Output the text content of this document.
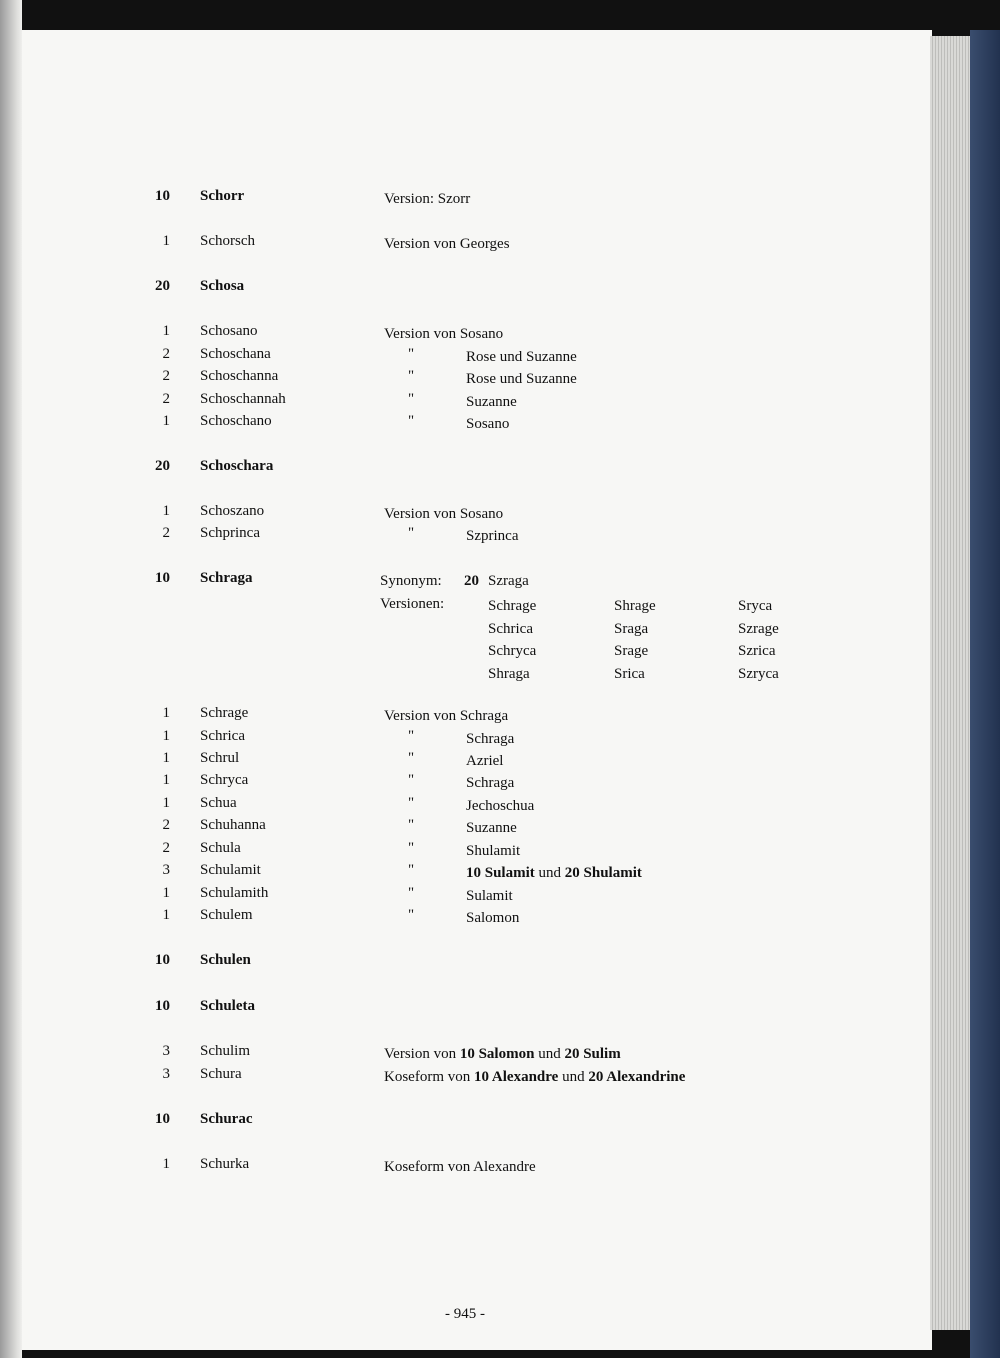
10 Schorr	Version: Szorr
1 Schorsch	Version von Georges
20 Schosa
1 Schosano	Version von Sosano
2 Schoschana	"	Rose und Suzanne
2 Schoschanna	"	Rose und Suzanne
2 Schoschannah	"	Suzanne
1 Schoschano	"	Sosano
20 Schoschara
1 Schoszano	Version von Sosano
2 Schprinca	"	Szprinca
10 Schraga
1 Schrage	Version von Schraga
1 Schrica	"	Schraga
1 Schrul	"	Azriel
1 Schryca	"	Schraga
1 Schua	"	Jechoschua
2 Schuhanna	"	Suzanne
2 Schula	"	Shulamit
3 Schulamit	"	10 Sulamit und 20 Shulamit
1 Schulamith	"	Sulamit
1 Schulem	"	Salomon
10 Schulen
10 Schuleta
3 Schulim	Version von 10 Salomon und 20 Sulim
3 Schura	Koseform von 10 Alexandre und 20 Alexandrine
10 Schurac
1 Schurka	Koseform von Alexandre
Synonym: 20 Szraga
Versionen:	Schrage	Shrage	Sryca
Schrica	Sraga	Szrage
Schryca	Srage	Szrica
Shraga	Srica	Szryca
- 945 -
